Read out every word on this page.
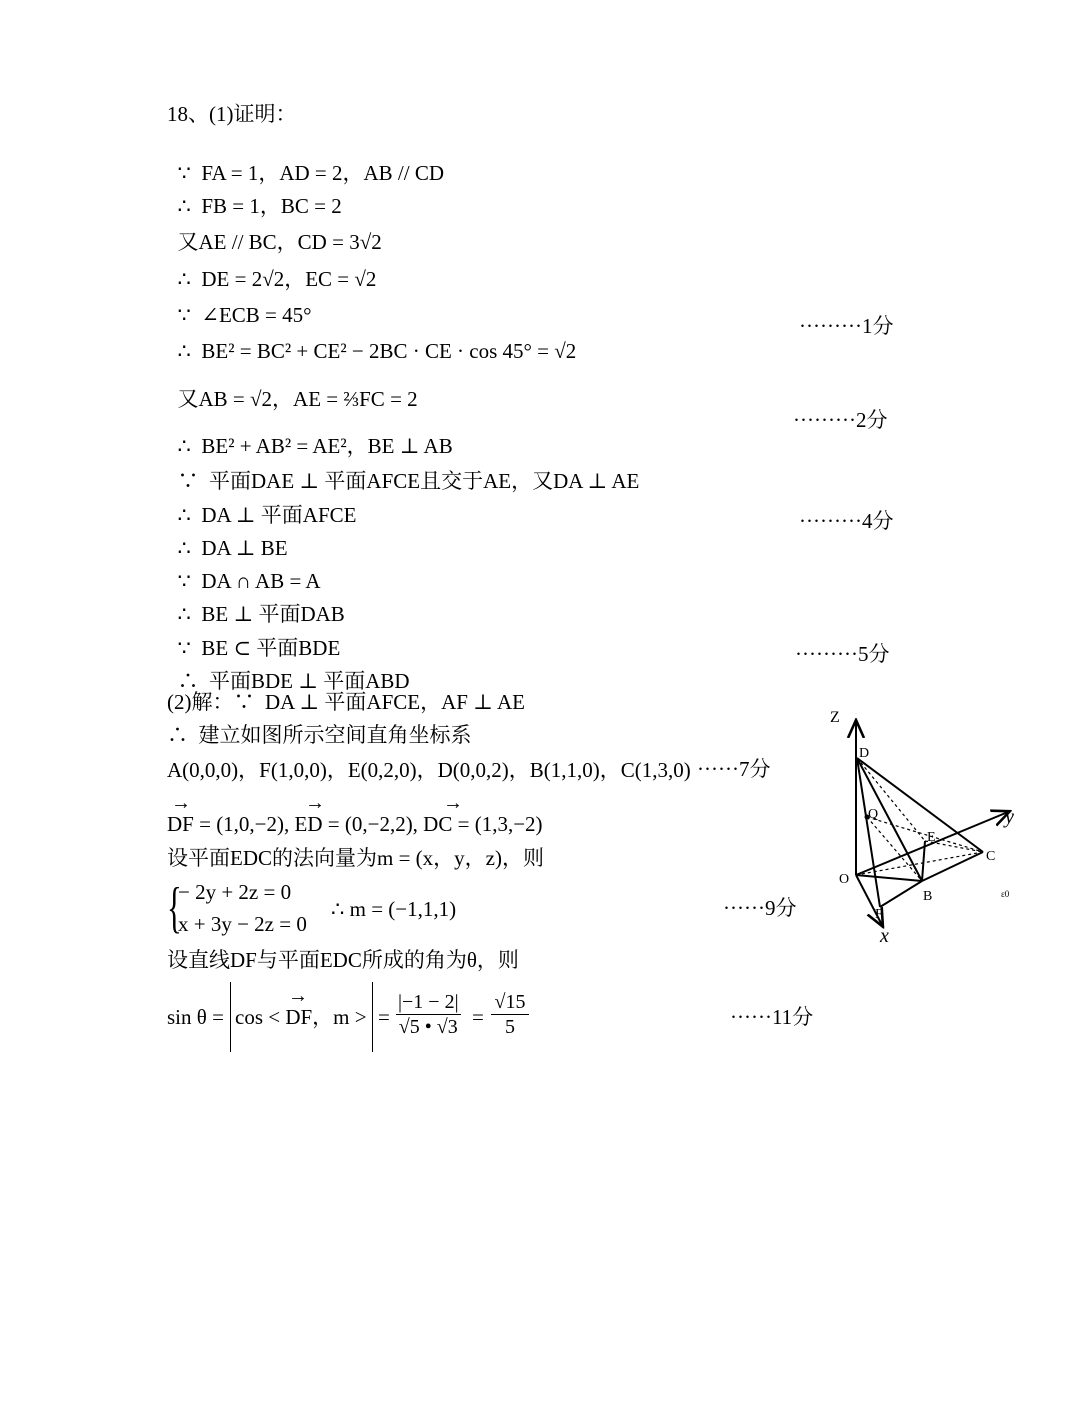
18、(1)证明：

∵  FA = 1，AD = 2，AB // CD

∴  FB = 1，BC = 2

又AE // BC，CD = 3√2

∴  DE = 2√2，EC = √2

∵  ∠ECB = 45°

∴  BE² = BC² + CE² − 2BC · CE · cos 45° = √2

·········1分

又AB = √2，AE = ⅔FC = 2

∴  BE² + AB² = AE²，BE ⊥ AB

·········2分

∵  平面DAE ⊥ 平面AFCE且交于AE，又DA ⊥ AE

∴  DA ⊥ 平面AFCE

∴  DA ⊥ BE

·········4分

∵  DA ∩ AB = A

∴  BE ⊥ 平面DAB

∵  BE ⊂ 平面BDE

∴  平面BDE ⊥ 平面ABD

·········5分
(2)解：∵  DA ⊥ 平面AFCE，AF ⊥ AE
∴  建立如图所示空间直角坐标系
A(0,0,0)，F(1,0,0)，E(0,2,0)，D(0,0,2)，B(1,1,0)，C(1,3,0) ······7分
→	→	→
DF = (1,0,−2), ED = (0,−2,2), DC = (1,3,−2)
设平面EDC的法向量为m = (x，y，z)，则
{
− 2y + 2z = 0
x + 3y − 2z = 0
∴ m = (−1,1,1)	······9分
设直线DF与平面EDC所成的角为θ，则
sin θ =
→
cos < DF，m > = $\frac{|-1 - 2|}{√5 • √3} = \frac{√15}{5}$	······11分
Z
y
x
D
Q
E
C
O
B
F
ε0
